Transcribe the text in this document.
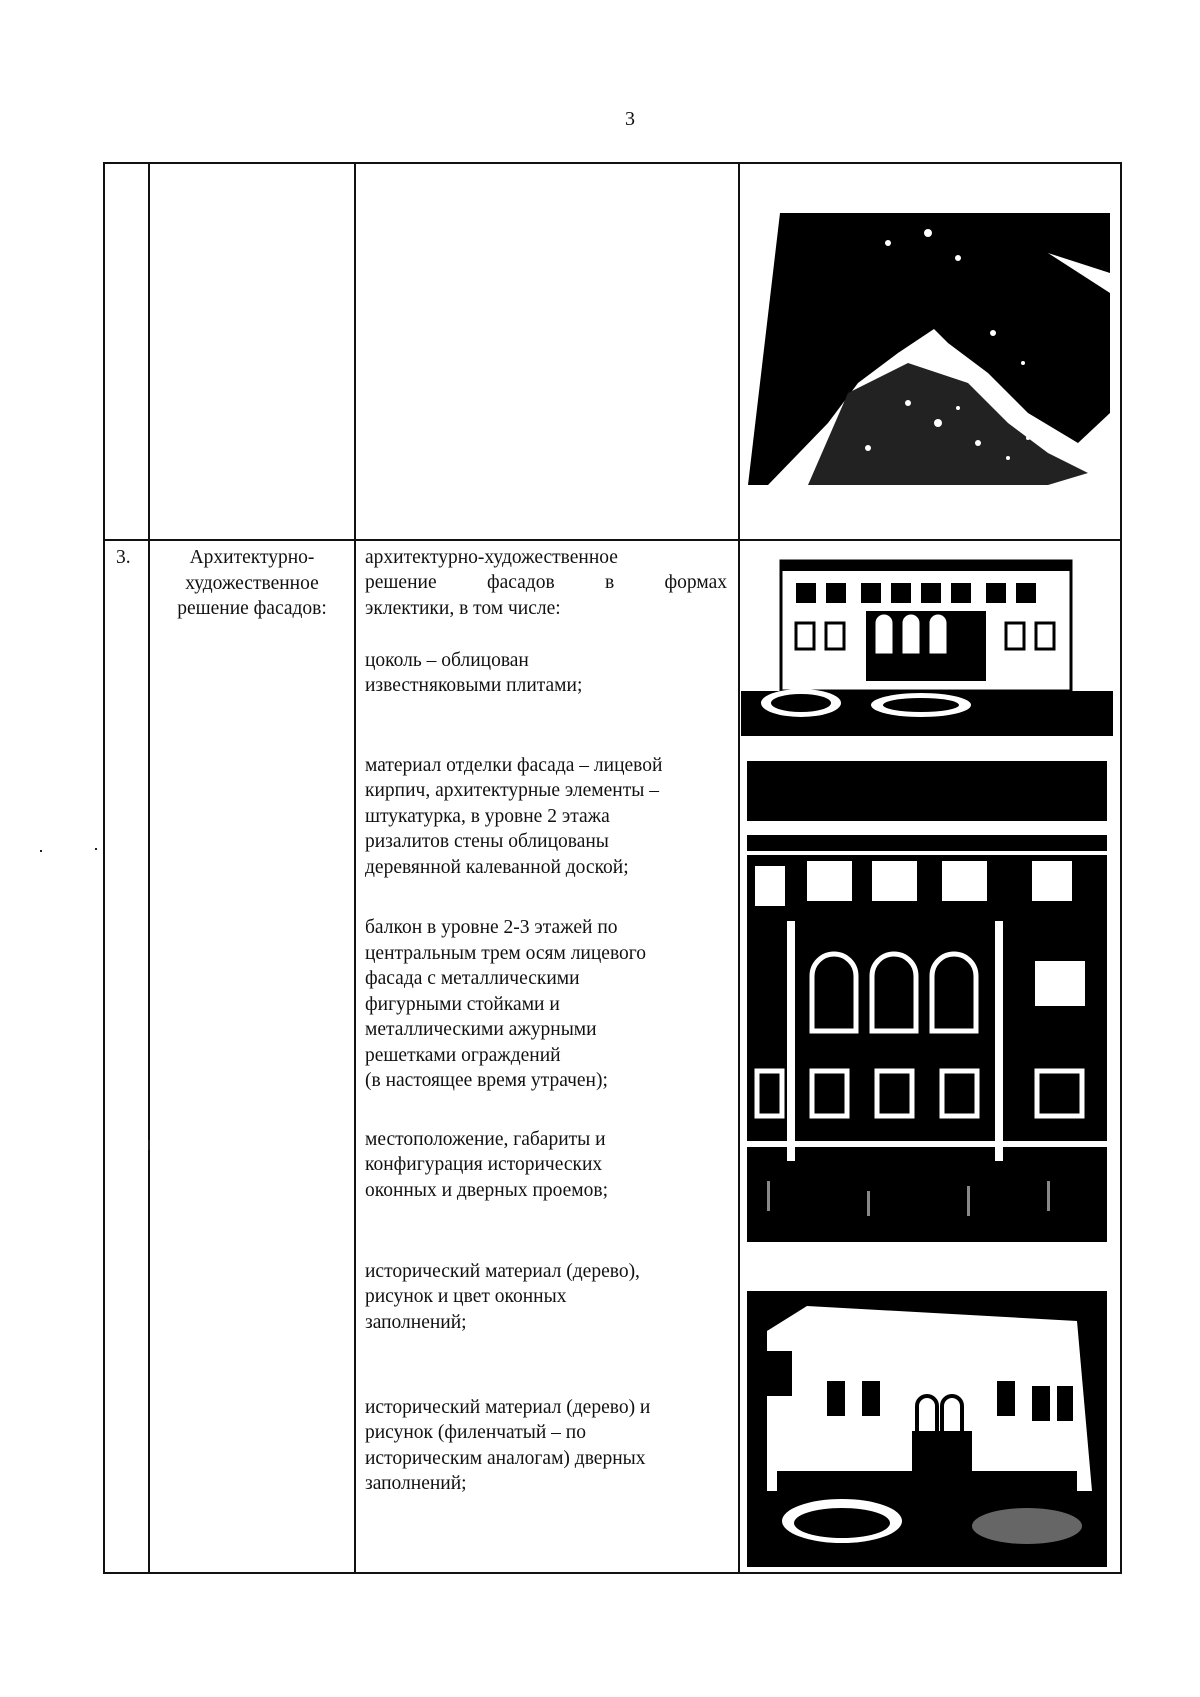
3
3.	Архитектурно-художественное решение фасадов:
архитектурно-художественное
решение фасадов в формах
эклектики, в том числе:
цоколь – облицован
известняковыми плитами;
материал отделки фасада – лицевой
кирпич, архитектурные элементы –
штукатурка, в уровне 2 этажа
ризалитов стены облицованы
деревянной калеванной доской;
балкон в уровне 2-3 этажей по
центральным трем осям лицевого
фасада с металлическими
фигурными стойками и
металлическими ажурными
решетками ограждений
(в настоящее время утрачен);
местоположение, габариты и
конфигурация исторических
оконных и дверных проемов;
исторический материал (дерево),
рисунок и цвет оконных
заполнений;
исторический материал (дерево) и
рисунок (филенчатый – по
историческим аналогам) дверных
заполнений;
